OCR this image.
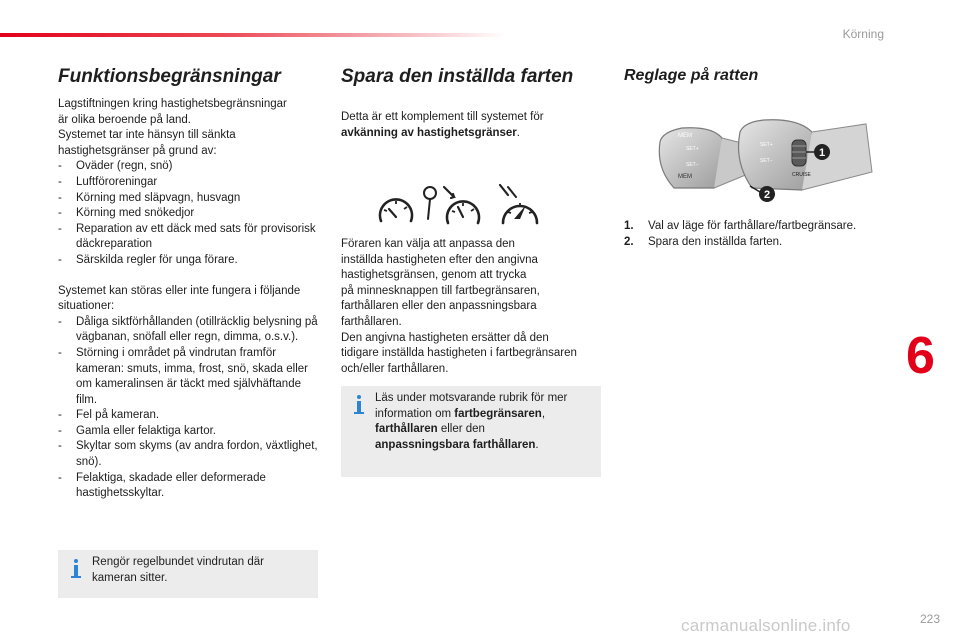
Körning
6
223
carmanualsonline.info
Funktionsbegränsningar

Lagstiftningen kring hastighetsbegränsningar
är olika beroende på land.
Systemet tar inte hänsyn till sänkta
hastighetsgränser på grund av:

- Oväder (regn, snö)
- Luftföroreningar
- Körning med släpvagn, husvagn
- Körning med snökedjor
- Reparation av ett däck med sats för provisorisk däckreparation
- Särskilda regler för unga förare.

Systemet kan störas eller inte fungera i följande
situationer:

- Dåliga siktförhållanden (otillräcklig belysning på vägbanan, snöfall eller regn, dimma, o.s.v.).
- Störning i området på vindrutan framför kameran: smuts, imma, frost, snö, skada eller om kameralinsen är täckt med självhäftande film.
- Fel på kameran.
- Gamla eller felaktiga kartor.
- Skyltar som skyms (av andra fordon, växtlighet, snö).
- Felaktiga, skadade eller deformerade hastighetsskyltar.

Rengör regelbundet vindrutan där kameran sitter.

Spara den inställda farten

Detta är ett komplement till systemet för
avkänning av hastighetsgränser.

Föraren kan välja att anpassa den
inställda hastigheten efter den angivna
hastighetsgränsen, genom att trycka
på minnesknappen till fartbegränsaren,
farthållaren eller den anpassningsbara
farthållaren.
Den angivna hastigheten ersätter då den
tidigare inställda hastigheten i fartbegränsaren
och/eller farthållaren.

Läs under motsvarande rubrik för mer information om fartbegränsaren,
farthållaren eller den
anpassningsbara farthållaren.

Reglage på ratten
MEM
SET+
SET−
MEM
SET+
SET−
CRUISE
1
2
1. Val av läge för farthållare/fartbegränsare.
2. Spara den inställda farten.
